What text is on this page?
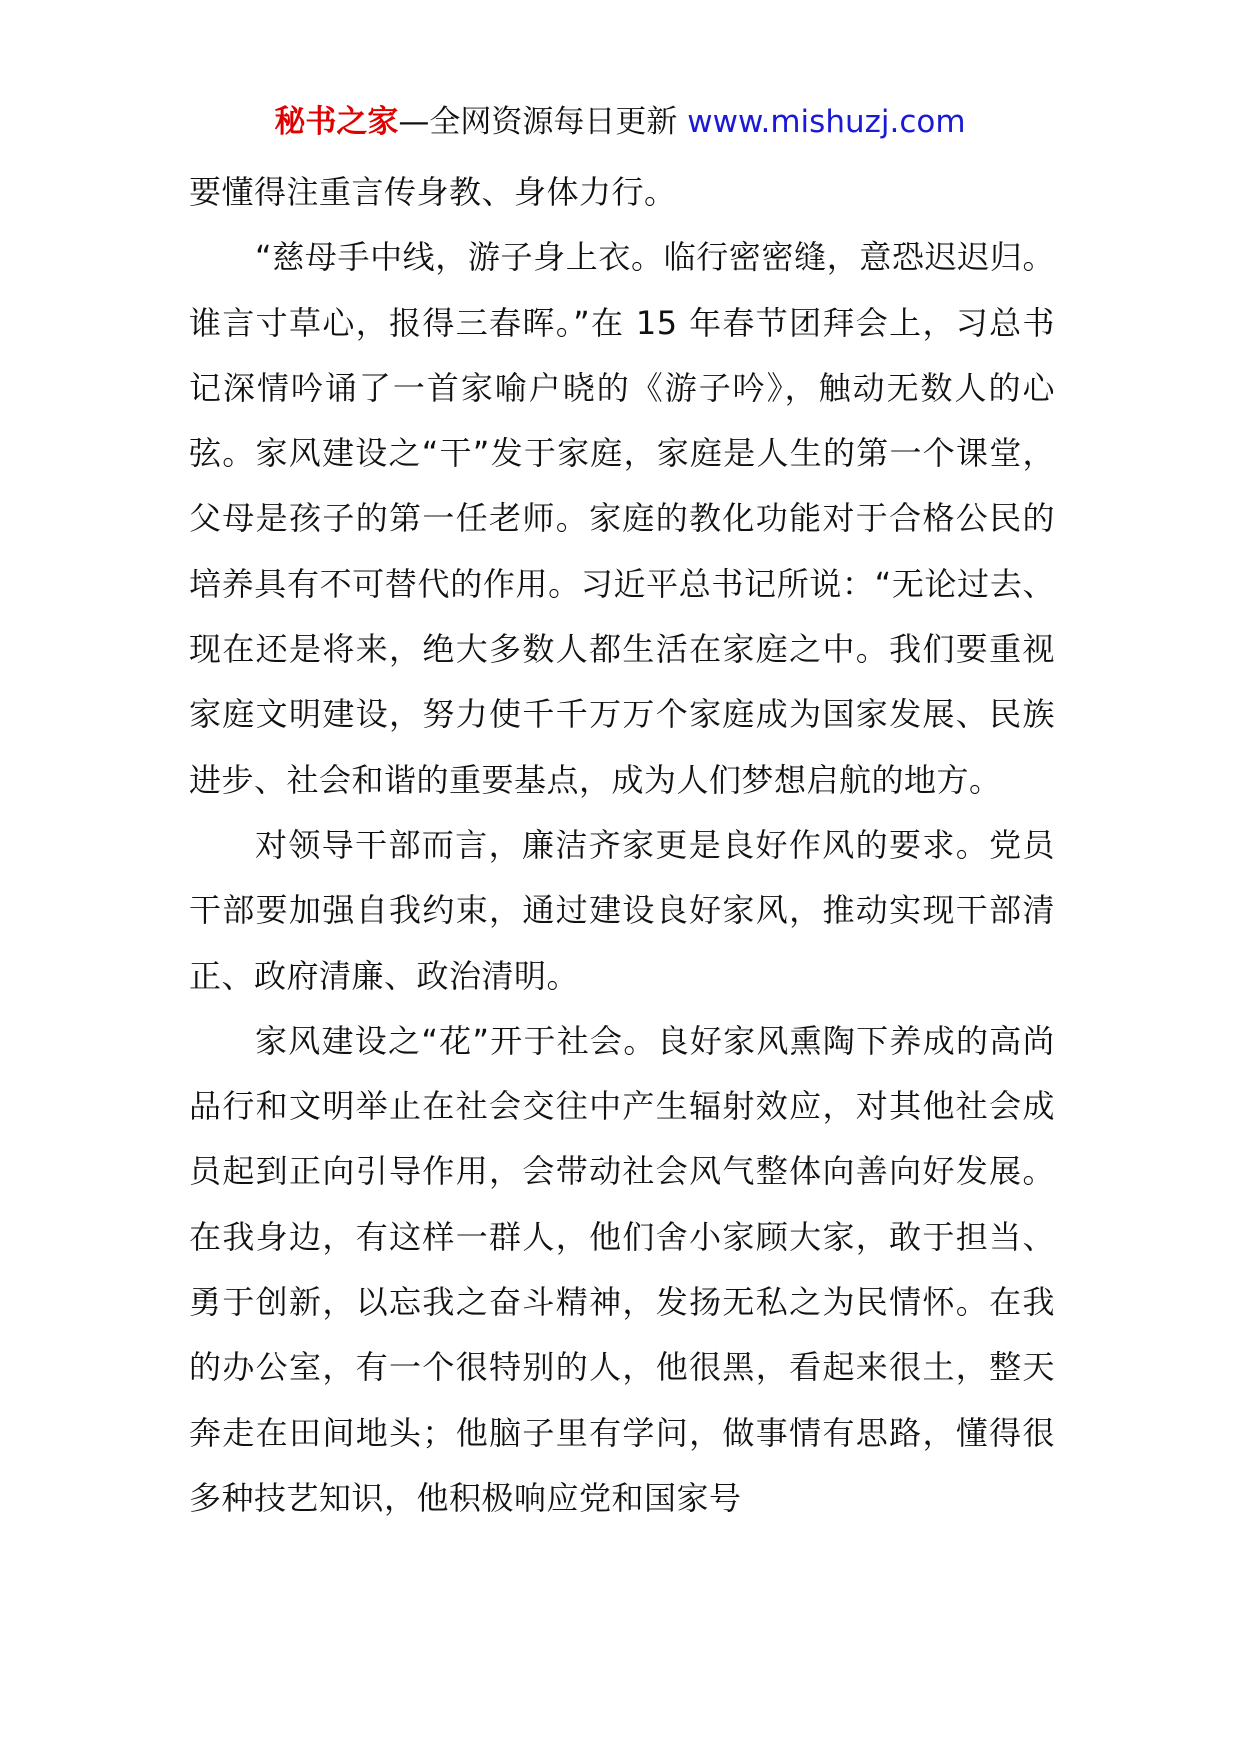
秘书之家—全网资源每日更新 www.mishuzj.com

要懂得注重言传身教、身体力行。

“慈母手中线，游子身上衣。临行密密缝，意恐迟迟归。谁言寸草心，报得三春晖。”在 15 年春节团拜会上，习总书记深情吟诵了一首家喻户晓的《游子吟》，触动无数人的心弦。家风建设之“干”发于家庭，家庭是人生的第一个课堂，父母是孩子的第一任老师。家庭的教化功能对于合格公民的培养具有不可替代的作用。习近平总书记所说：“无论过去、现在还是将来，绝大多数人都生活在家庭之中。我们要重视家庭文明建设，努力使千千万万个家庭成为国家发展、民族进步、社会和谐的重要基点，成为人们梦想启航的地方。

对领导干部而言，廉洁齐家更是良好作风的要求。党员干部要加强自我约束，通过建设良好家风，推动实现干部清正、政府清廉、政治清明。

家风建设之“花”开于社会。良好家风熏陶下养成的高尚品行和文明举止在社会交往中产生辐射效应，对其他社会成员起到正向引导作用，会带动社会风气整体向善向好发展。在我身边，有这样一群人，他们舍小家顾大家，敢于担当、勇于创新，以忘我之奋斗精神，发扬无私之为民情怀。在我的办公室，有一个很特别的人，他很黑，看起来很土，整天奔走在田间地头；他脑子里有学问，做事情有思路，懂得很多种技艺知识，他积极响应党和国家号
